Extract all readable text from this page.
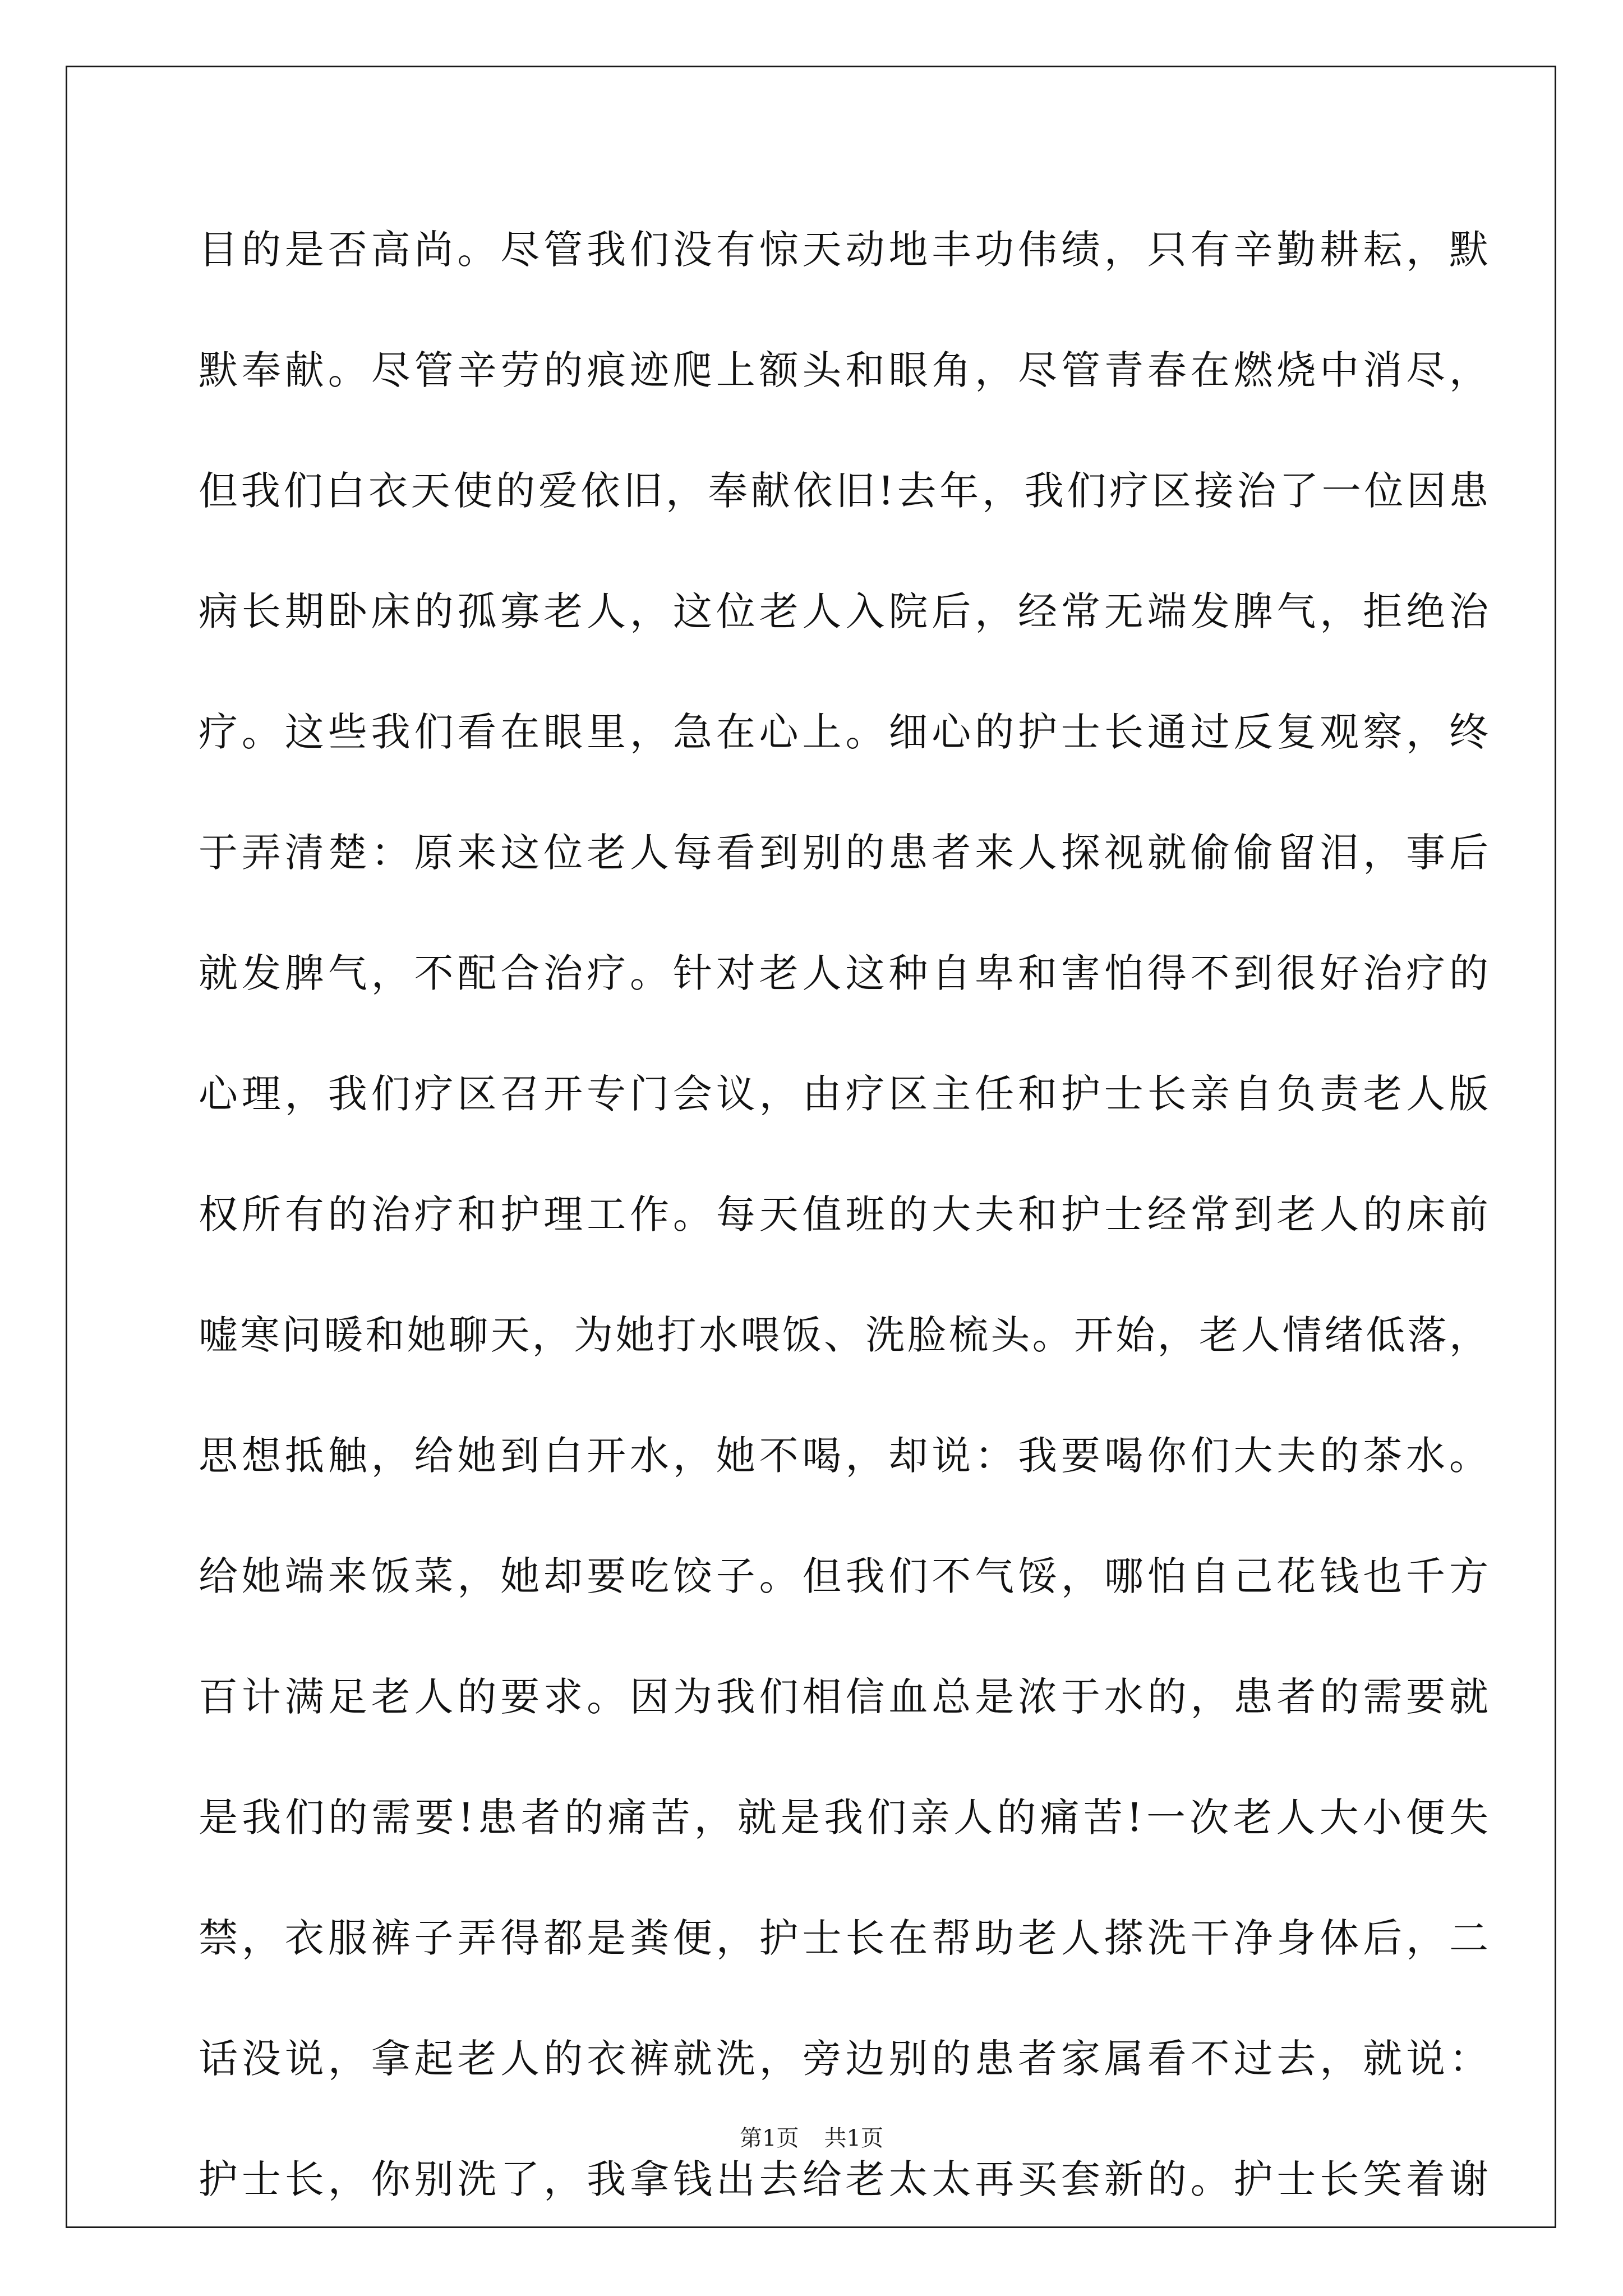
目的是否高尚。尽管我们没有惊天动地丰功伟绩，只有辛勤耕耘，默
默奉献。尽管辛劳的痕迹爬上额头和眼角，尽管青春在燃烧中消尽，
但我们白衣天使的爱依旧，奉献依旧!去年，我们疗区接治了一位因患
病长期卧床的孤寡老人，这位老人入院后，经常无端发脾气，拒绝治
疗。这些我们看在眼里，急在心上。细心的护士长通过反复观察，终
于弄清楚：原来这位老人每看到别的患者来人探视就偷偷留泪，事后
就发脾气，不配合治疗。针对老人这种自卑和害怕得不到很好治疗的
心理，我们疗区召开专门会议，由疗区主任和护士长亲自负责老人版
权所有的治疗和护理工作。每天值班的大夫和护士经常到老人的床前
嘘寒问暖和她聊天，为她打水喂饭、洗脸梳头。开始，老人情绪低落，
思想抵触，给她到白开水，她不喝，却说：我要喝你们大夫的茶水。
给她端来饭菜，她却要吃饺子。但我们不气馁，哪怕自己花钱也千方
百计满足老人的要求。因为我们相信血总是浓于水的，患者的需要就
是我们的需要!患者的痛苦，就是我们亲人的痛苦!一次老人大小便失
禁，衣服裤子弄得都是粪便，护士长在帮助老人搽洗干净身体后，二
话没说，拿起老人的衣裤就洗，旁边别的患者家属看不过去，就说：
护士长，你别洗了，我拿钱出去给老太太再买套新的。护士长笑着谢
第1页 共1页
